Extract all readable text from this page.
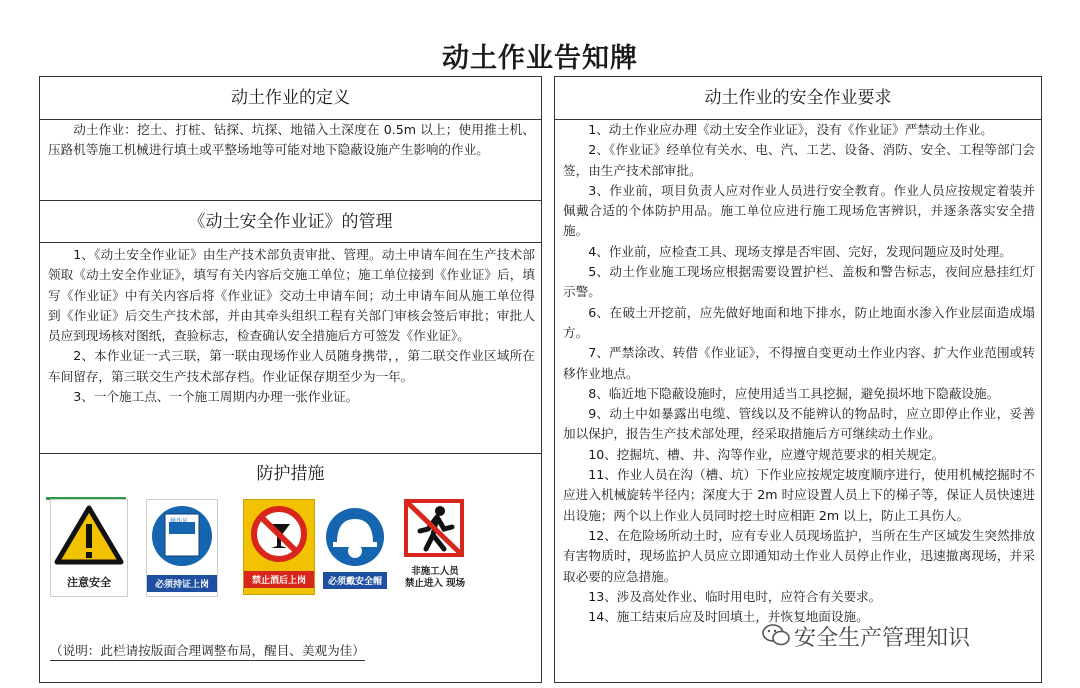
动土作业告知牌
动土作业的定义

动土作业：挖土、打桩、钻探、坑探、地锚入土深度在 0.5m 以上；使用推土机、压路机等施工机械进行填土或平整场地等可能对地下隐蔽设施产生影响的作业。

《动土安全作业证》的管理

1、《动土安全作业证》由生产技术部负责审批、管理。动土申请车间在生产技术部领取《动土安全作业证》，填写有关内容后交施工单位；施工单位接到《作业证》后，填写《作业证》中有关内容后将《作业证》交动土申请车间；动土申请车间从施工单位得到《作业证》后交生产技术部，并由其牵头组织工程有关部门审核会签后审批；审批人员应到现场核对图纸，查验标志，检查确认安全措施后方可签发《作业证》。

2、本作业证一式三联，第一联由现场作业人员随身携带，，第二联交作业区域所在车间留存，第三联交生产技术部存档。作业证保存期至少为一年。

3、一个施工点、一个施工周期内办理一张作业证。

防护措施
注意安全
操作证
必须持证上岗	禁止酒后上岗	必须戴安全帽
非施工人员
禁止进入 现场
（说明：此栏请按版面合理调整布局，醒目、美观为佳）
动土作业的安全作业要求

1、动土作业应办理《动土安全作业证》，没有《作业证》严禁动土作业。

2、《作业证》经单位有关水、电、汽、工艺、设备、消防、安全、工程等部门会签，由生产技术部审批。

3、作业前，项目负责人应对作业人员进行安全教育。作业人员应按规定着装并佩戴合适的个体防护用品。施工单位应进行施工现场危害辨识，并逐条落实安全措施。

4、作业前，应检查工具、现场支撑是否牢固、完好，发现问题应及时处理。

5、动土作业施工现场应根据需要设置护栏、盖板和警告标志，夜间应悬挂红灯示警。

6、在破土开挖前，应先做好地面和地下排水，防止地面水渗入作业层面造成塌方。

7、严禁涂改、转借《作业证》，不得擅自变更动土作业内容、扩大作业范围或转移作业地点。

8、临近地下隐蔽设施时，应使用适当工具挖掘，避免损坏地下隐蔽设施。

9、动土中如暴露出电缆、管线以及不能辨认的物品时，应立即停止作业，妥善加以保护，报告生产技术部处理，经采取措施后方可继续动土作业。

10、挖掘坑、槽、井、沟等作业，应遵守规范要求的相关规定。

11、作业人员在沟（槽、坑）下作业应按规定坡度顺序进行，使用机械挖掘时不应进入机械旋转半径内；深度大于 2m 时应设置人员上下的梯子等，保证人员快速进出设施；两个以上作业人员同时挖土时应相距 2m 以上，防止工具伤人。

12、在危险场所动土时，应有专业人员现场监护，当所在生产区域发生突然排放有害物质时，现场监护人员应立即通知动土作业人员停止作业，迅速撤离现场，并采取必要的应急措施。

13、涉及高处作业、临时用电时，应符合有关要求。

14、施工结束后应及时回填土，并恢复地面设施。

安全生产管理知识
